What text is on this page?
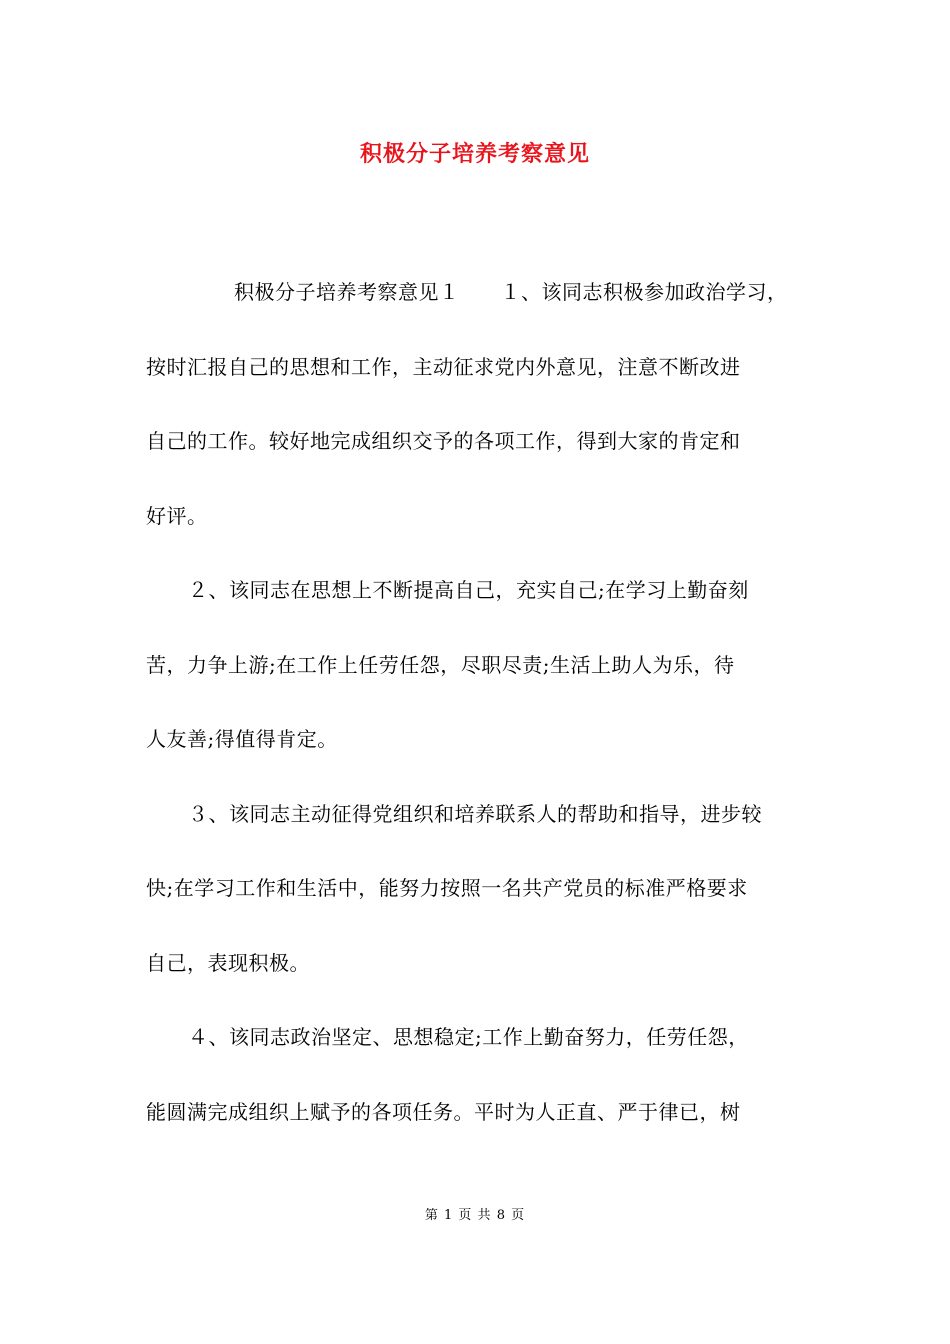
积极分子培养考察意见
积极分子培养考察意见１　　１、该同志积极参加政治学习，
按时汇报自己的思想和工作，主动征求党内外意见，注意不断改进
自己的工作。较好地完成组织交予的各项工作，得到大家的肯定和
好评。
２、该同志在思想上不断提高自己，充实自己;在学习上勤奋刻
苦，力争上游;在工作上任劳任怨，尽职尽责;生活上助人为乐，待
人友善;得值得肯定。
３、该同志主动征得党组织和培养联系人的帮助和指导，进步较
快;在学习工作和生活中，能努力按照一名共产党员的标准严格要求
自己，表现积极。
４、该同志政治坚定、思想稳定;工作上勤奋努力，任劳任怨，
能圆满完成组织上赋予的各项任务。平时为人正直、严于律已，树
第 1 页 共 8 页
